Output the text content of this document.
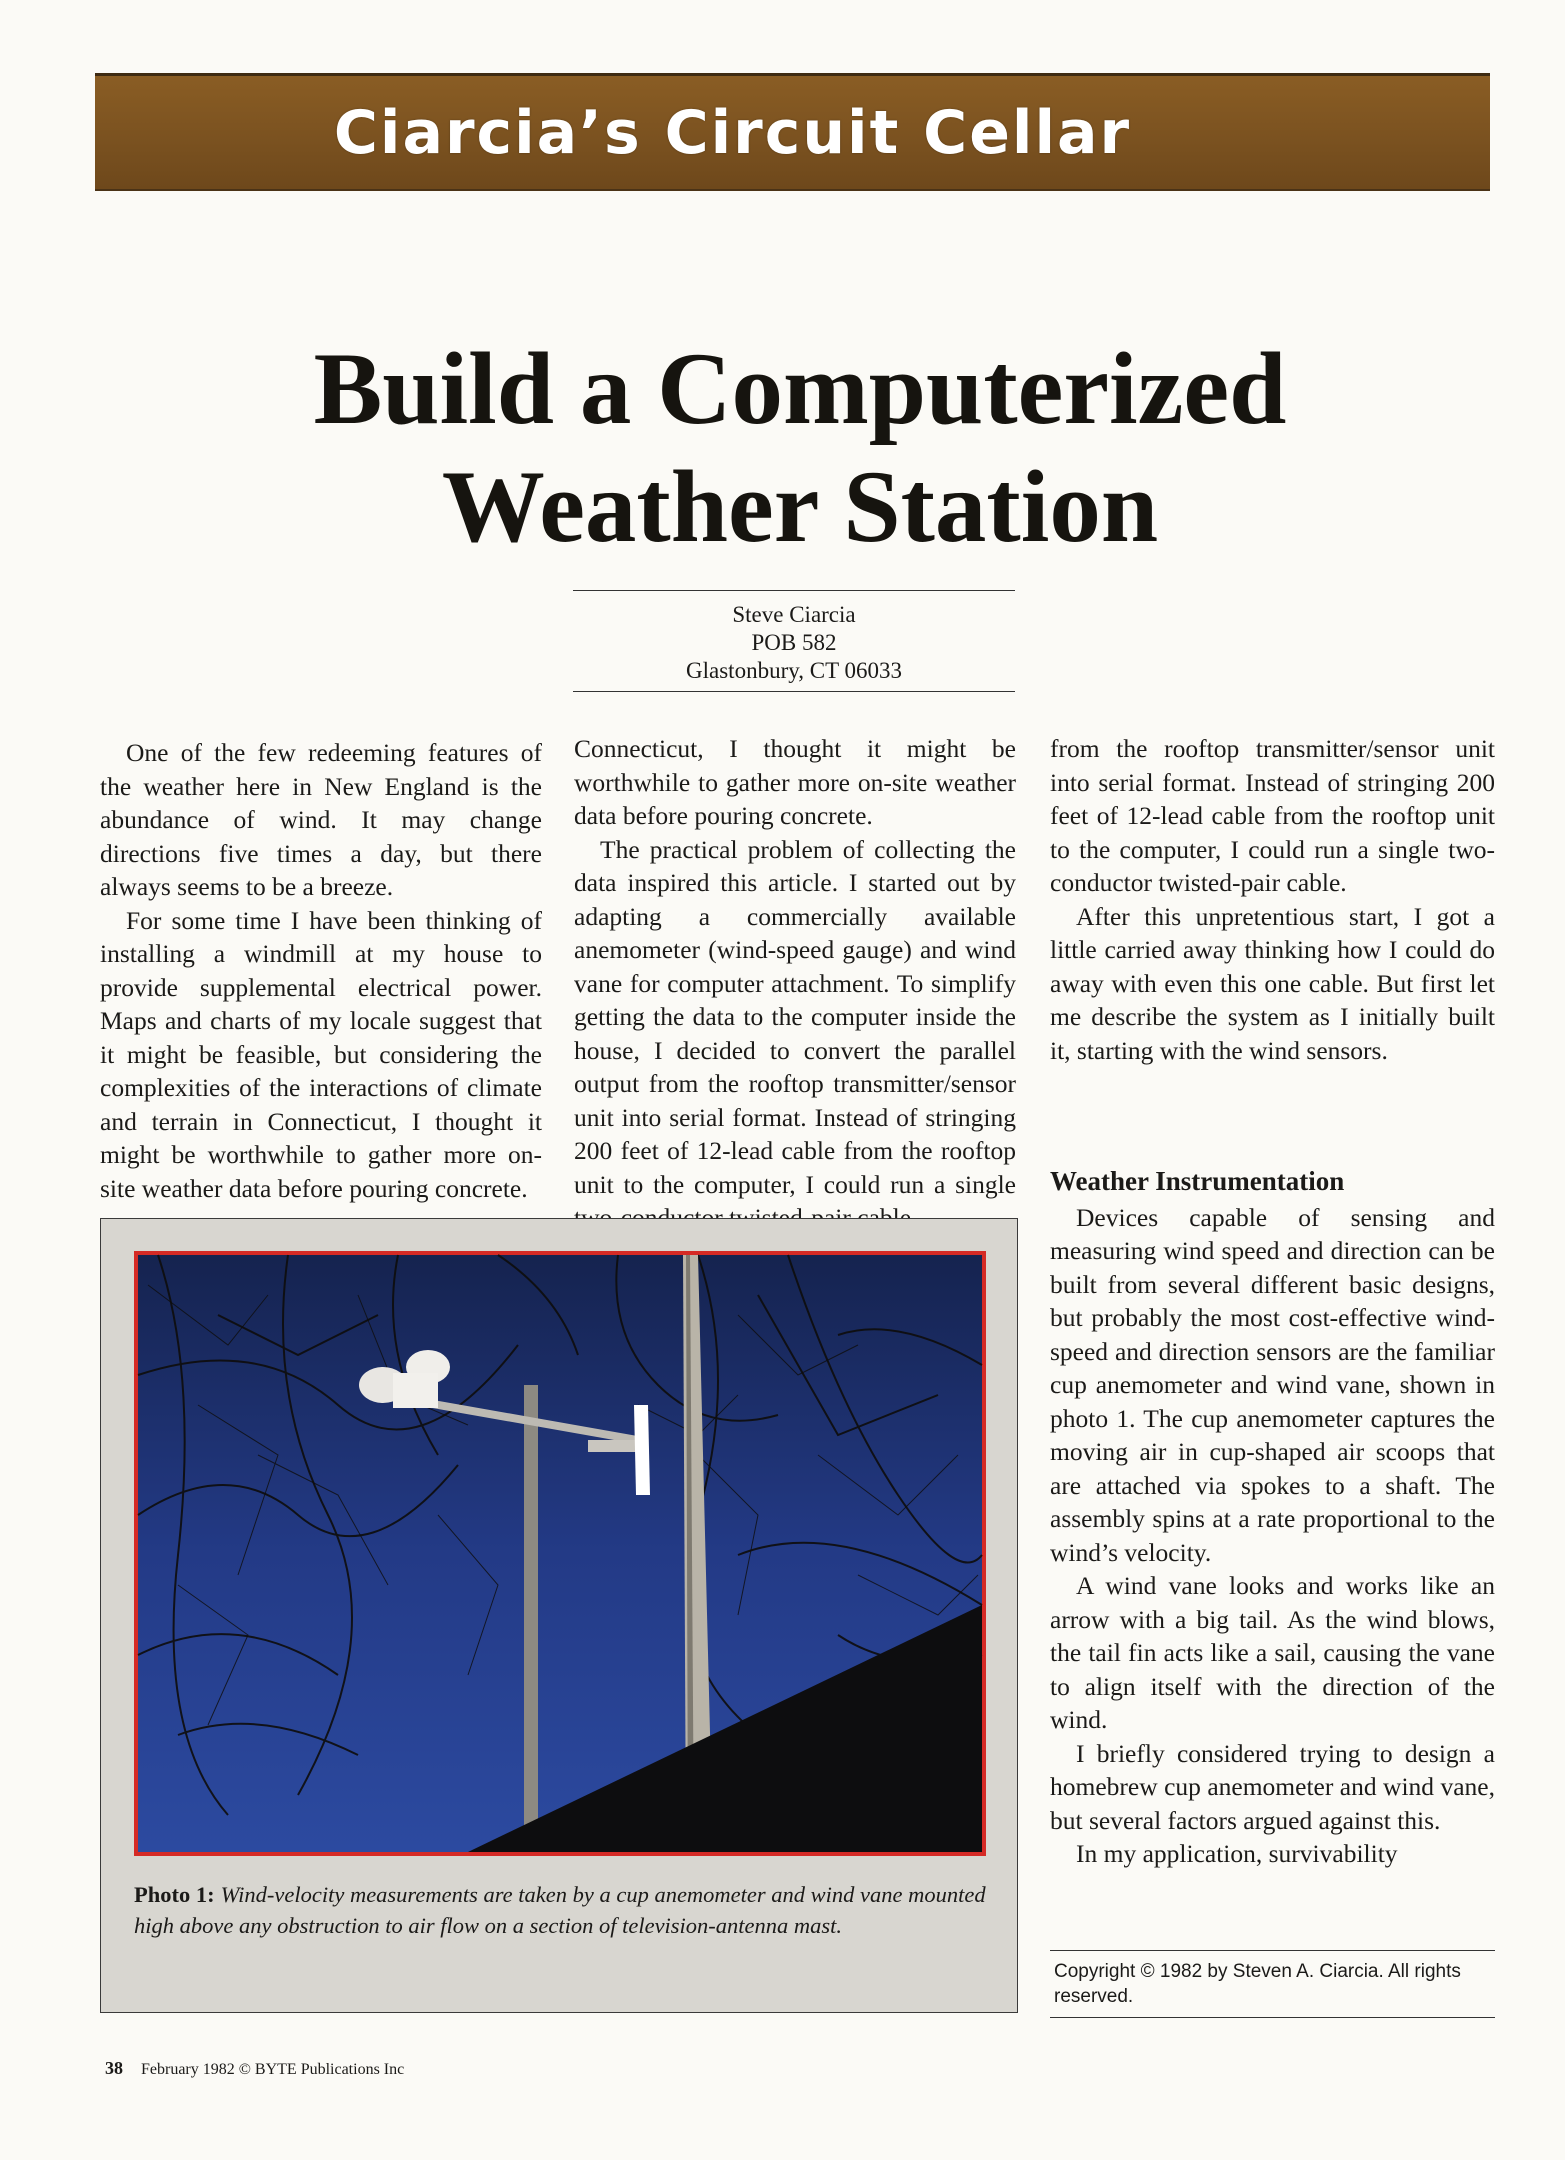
Ciarcia’s Circuit Cellar
Build a Computerized
Weather Station
Steve Ciarcia
POB 582
Glastonbury, CT 06033

One of the few redeeming features of the weather here in New England is the abundance of wind. It may change directions five times a day, but there always seems to be a breeze.

For some time I have been thinking of installing a windmill at my house to provide supplemental electrical power. Maps and charts of my locale suggest that it might be feasible, but considering the complexities of the interactions of climate and terrain in Connecticut, I thought it might be worthwhile to gather more on-site weather data before pouring concrete.

Connecticut, I thought it might be worthwhile to gather more on-site weather data before pouring concrete.

The practical problem of collecting the data inspired this article. I started out by adapting a commercially available anemometer (wind-speed gauge) and wind vane for computer attachment. To simplify getting the data to the computer inside the house, I decided to convert the parallel output from the rooftop transmitter/sensor unit into serial format. Instead of stringing 200 feet of 12-lead cable from the rooftop unit to the computer, I could run a single

from the rooftop transmitter/sensor unit into serial format. Instead of stringing 200 feet of 12-lead cable from the rooftop unit to the computer, I could run a single two-conductor twisted-pair cable.

After this unpretentious start, I got a little carried away thinking how I could do away with even this one cable. But first let me describe the system as I initially built it, starting with the wind sensors.

Weather Instrumentation

Devices capable of sensing and measuring wind speed and direction can be built from several different basic designs, but probably the most cost-effective wind-speed and direction sensors are the familiar cup anemometer and wind vane, shown in photo 1. The cup anemometer captures the moving air in cup-shaped air scoops that are attached via spokes to a shaft. The assembly spins at a rate proportional to the wind’s velocity.

A wind vane looks and works like an arrow with a big tail. As the wind blows, the tail fin acts like a sail, causing the vane to align itself with the direction of the wind.

I briefly considered trying to design a homebrew cup anemometer and wind vane, but several factors argued against this.

In my application, survivability

Photo 1: Wind-velocity measurements are taken by a cup anemometer and wind vane mounted high above any obstruction to air flow on a section of television-antenna mast.
Copyright © 1982 by Steven A. Ciarcia. All rights reserved.
38 February 1982 © BYTE Publications Inc
